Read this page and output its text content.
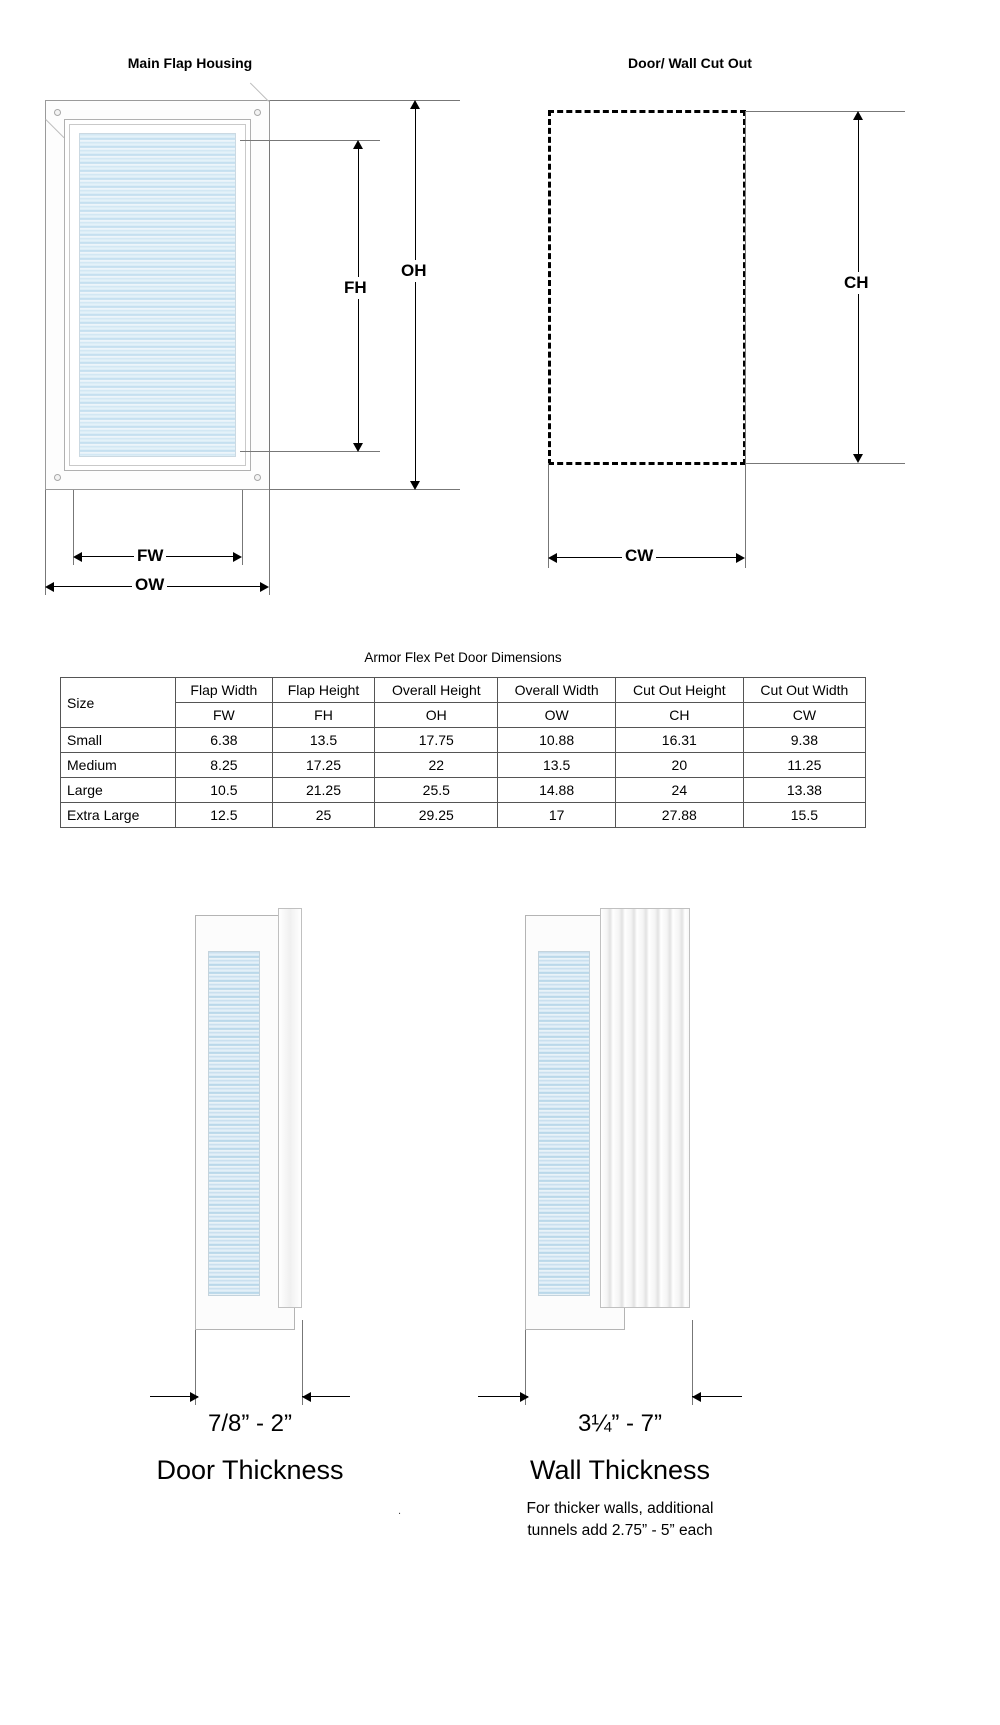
Main Flap Housing
OH
FH
FW
OW
Door/ Wall Cut Out
CH
CW
Armor Flex Pet Door Dimensions
Size	Flap Width	Flap Height	Overall Height	Overall Width	Cut Out Height	Cut Out Width
	FW	FH	OH	OW	CH	CW
Small	6.38	13.5	17.75	10.88	16.31	9.38
Medium	8.25	17.25	22	13.5	20	11.25
Large	10.5	21.25	25.5	14.88	24	13.38
Extra Large	12.5	25	29.25	17	27.88	15.5
7/8” - 2”
Door Thickness
3¼” - 7”
Wall Thickness
For thicker walls, additional
tunnels add 2.75” - 5” each
.
